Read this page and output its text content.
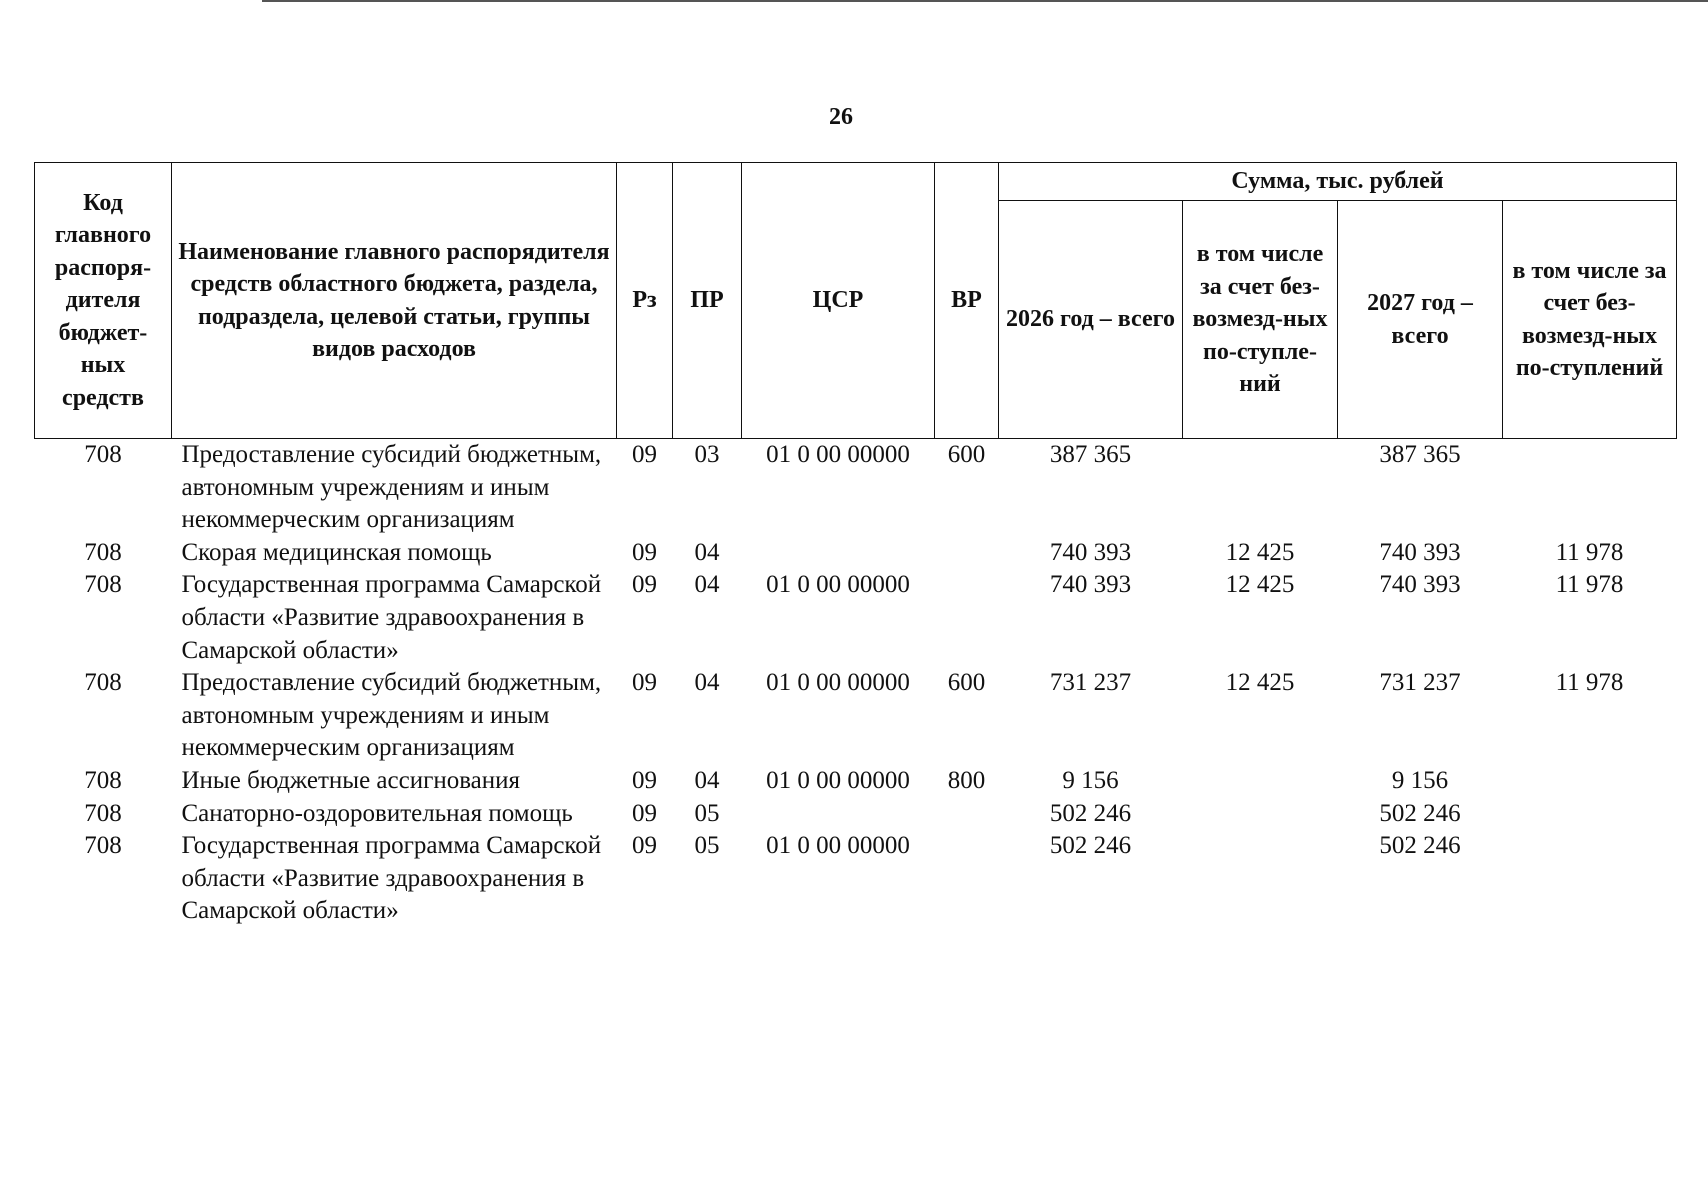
26
Код главного распоря-дителя бюджет-ных средств	Наименование главного распорядителя средств областного бюджета, раздела, подраздела, целевой статьи, группы видов расходов	Рз	ПР	ЦСР	ВР	Сумма, тыс. рублей			
						2026 год – всего	в том числе за счет без-возмезд-ных по-ступле-ний	2027 год – всего	в том числе за счет без-возмезд-ных по-ступлений
708	Предоставление субсидий бюджетным, автономным учреждениям и иным некоммерческим организациям	09	03	01 0 00 00000	600	387 365		387 365	
708	Скорая медицинская помощь	09	04			740 393	12 425	740 393	11 978
708	Государственная программа Самарской области «Развитие здравоохранения в Самарской области»	09	04	01 0 00 00000		740 393	12 425	740 393	11 978
708	Предоставление субсидий бюджетным, автономным учреждениям и иным некоммерческим организациям	09	04	01 0 00 00000	600	731 237	12 425	731 237	11 978
708	Иные бюджетные ассигнования	09	04	01 0 00 00000	800	9 156		9 156	
708	Санаторно-оздоровительная помощь	09	05			502 246		502 246	
708	Государственная программа Самарской области «Развитие здравоохранения в Самарской области»	09	05	01 0 00 00000		502 246		502 246	
